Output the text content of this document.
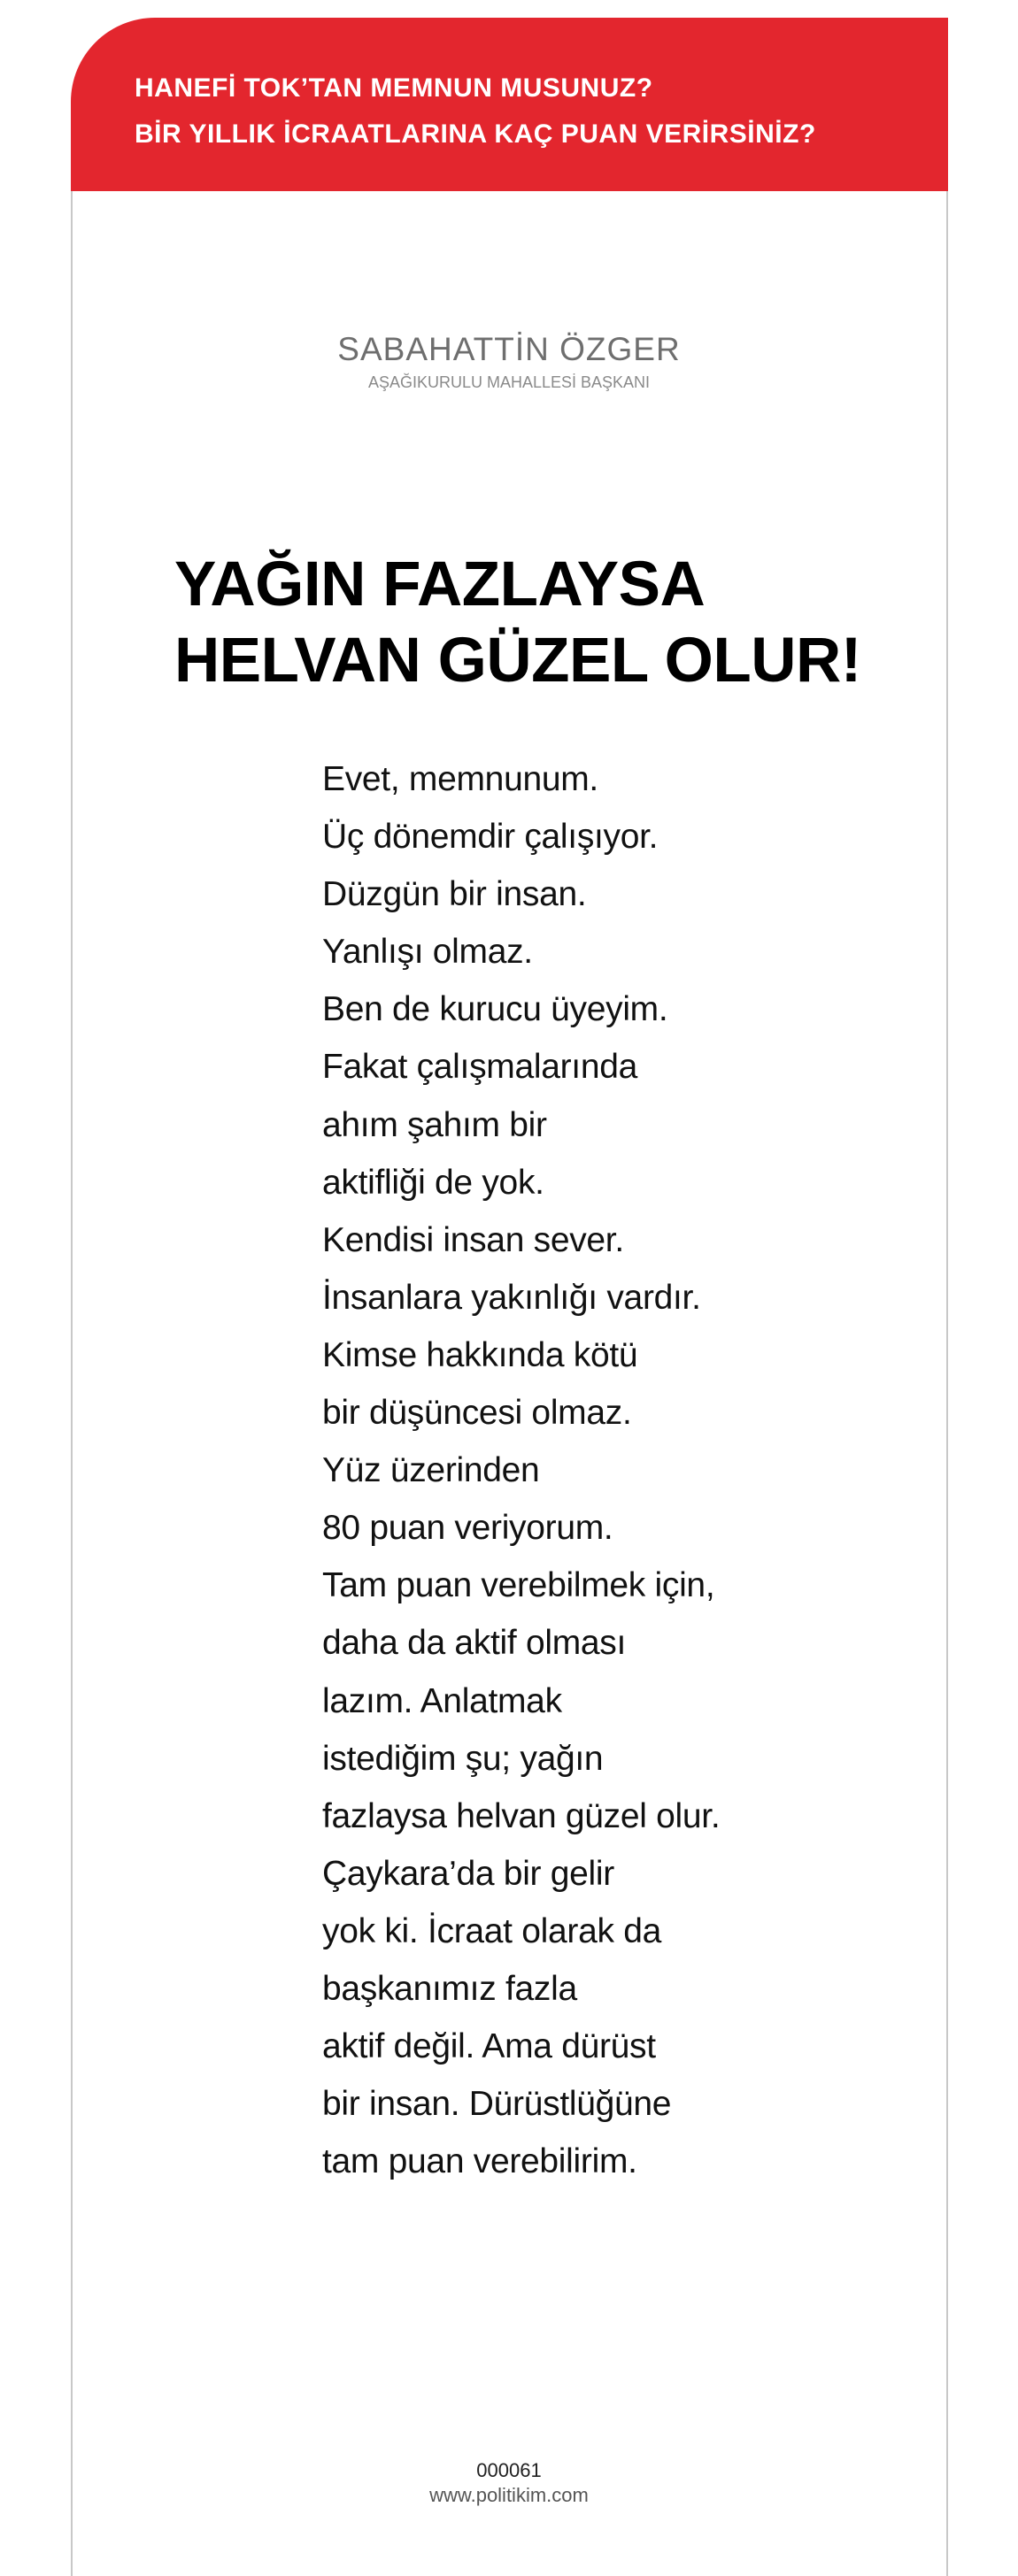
HANEFİ TOK’TAN MEMNUN MUSUNUZ?
BİR YILLIK İCRAATLARINA KAÇ PUAN VERİRSİNİZ?
SABAHATTİN ÖZGER
AŞAĞIKURULU MAHALLESİ BAŞKANI
YAĞIN FAZLAYSA
HELVAN GÜZEL OLUR!
Evet, memnunum.
Üç dönemdir çalışıyor.
Düzgün bir insan.
Yanlışı olmaz.
Ben de kurucu üyeyim.
Fakat çalışmalarında
ahım şahım bir
aktifliği de yok.
Kendisi insan sever.
İnsanlara yakınlığı vardır.
Kimse hakkında kötü
bir düşüncesi olmaz.
Yüz üzerinden
80 puan veriyorum.
Tam puan verebilmek için,
daha da aktif olması
lazım. Anlatmak
istediğim şu; yağın
fazlaysa helvan güzel olur.
Çaykara’da bir gelir
yok ki. İcraat olarak da
başkanımız fazla
aktif değil. Ama dürüst
bir insan. Dürüstlüğüne
tam puan verebilirim.
000061
www.politikim.com
